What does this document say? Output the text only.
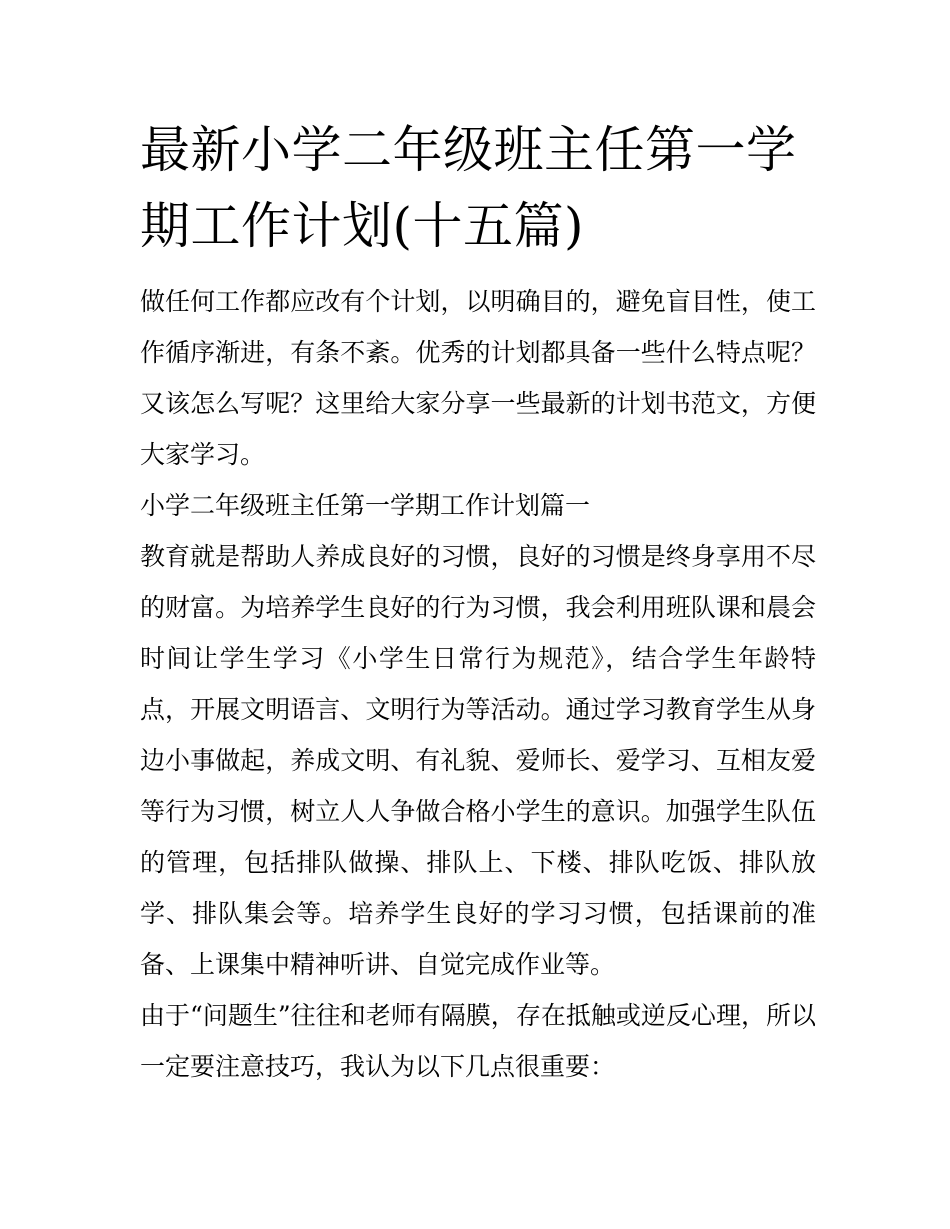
最新小学二年级班主任第一学期工作计划(十五篇)

做任何工作都应改有个计划，以明确目的，避免盲目性，使工作循序渐进，有条不紊。优秀的计划都具备一些什么特点呢？又该怎么写呢？这里给大家分享一些最新的计划书范文，方便大家学习。

小学二年级班主任第一学期工作计划篇一

教育就是帮助人养成良好的习惯，良好的习惯是终身享用不尽的财富。为培养学生良好的行为习惯，我会利用班队课和晨会时间让学生学习《小学生日常行为规范》，结合学生年龄特点，开展文明语言、文明行为等活动。通过学习教育学生从身边小事做起，养成文明、有礼貌、爱师长、爱学习、互相友爱等行为习惯，树立人人争做合格小学生的意识。加强学生队伍的管理，包括排队做操、排队上、下楼、排队吃饭、排队放学、排队集会等。培养学生良好的学习习惯，包括课前的准备、上课集中精神听讲、自觉完成作业等。

由于“问题生”往往和老师有隔膜，存在抵触或逆反心理，所以一定要注意技巧，我认为以下几点很重要：
